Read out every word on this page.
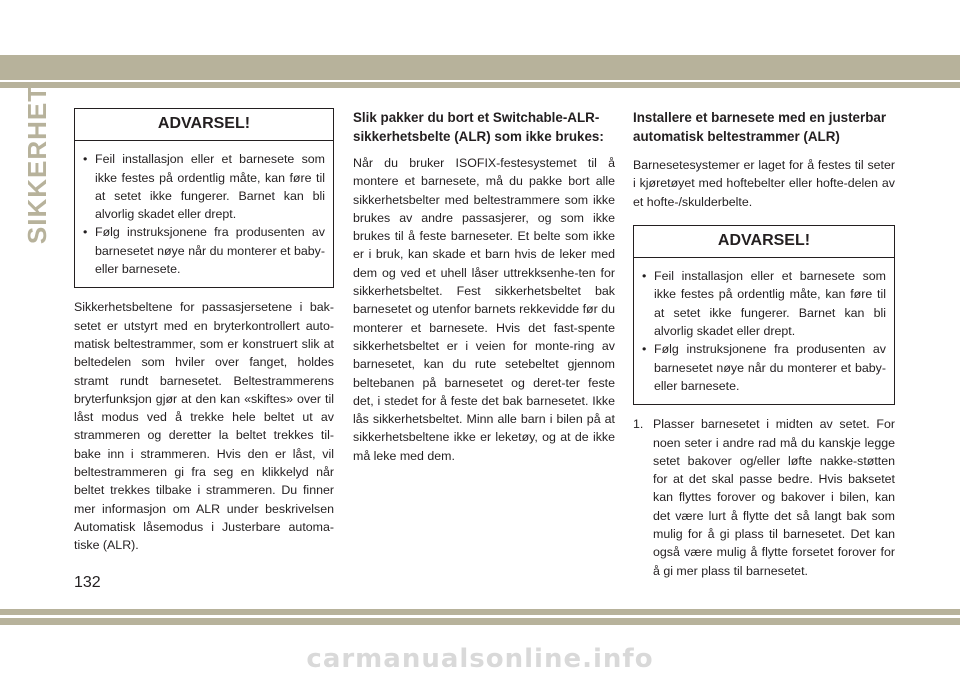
SIKKERHET	ADVARSEL!
• Feil installasjon eller et barnesete som ikke festes på ordentlig måte, kan føre til at setet ikke fungerer. Barnet kan bli alvorlig skadet eller drept.
• Følg instruksjonene fra produsenten av barnesetet nøye når du monterer et baby- eller barnesete.

Sikkerhetsbeltene for passasjersetene i bak-setet er utstyrt med en bryterkontrollert auto-matisk beltestrammer, som er konstruert slik at beltedelen som hviler over fanget, holdes stramt rundt barnesetet. Beltestrammerens bryterfunksjon gjør at den kan «skiftes» over til låst modus ved å trekke hele beltet ut av strammeren og deretter la beltet trekkes til-bake inn i strammeren. Hvis den er låst, vil beltestrammeren gi fra seg en klikkelyd når beltet trekkes tilbake i strammeren. Du finner mer informasjon om ALR under beskrivelsen Automatisk låsemodus i Justerbare automa-tiske (ALR).

Slik pakker du bort et Switchable-ALR-sikkerhetsbelte (ALR) som ikke brukes:

Når du bruker ISOFIX-festesystemet til å montere et barnesete, må du pakke bort alle sikkerhetsbelter med beltestrammere som ikke brukes av andre passasjerer, og som ikke brukes til å feste barneseter. Et belte som ikke er i bruk, kan skade et barn hvis de leker med dem og ved et uhell låser uttrekksenhe-ten for sikkerhetsbeltet. Fest sikkerhetsbeltet bak barnesetet og utenfor barnets rekkevidde før du monterer et barnesete. Hvis det fast-spente sikkerhetsbeltet er i veien for monte-ring av barnesetet, kan du rute setebeltet gjennom beltebanen på barnesetet og deret-ter feste det, i stedet for å feste det bak barnesetet. Ikke lås sikkerhetsbeltet. Minn alle barn i bilen på at sikkerhetsbeltene ikke er leketøy, og at de ikke må leke med dem.

Installere et barnesete med en justerbar automatisk beltestrammer (ALR)

Barnesetesystemer er laget for å festes til seter i kjøretøyet med hoftebelter eller hofte-delen av et hofte-/skulderbelte.

ADVARSEL!
• Feil installasjon eller et barnesete som ikke festes på ordentlig måte, kan føre til at setet ikke fungerer. Barnet kan bli alvorlig skadet eller drept.
• Følg instruksjonene fra produsenten av barnesetet nøye når du monterer et baby- eller barnesete.
1. Plasser barnesetet i midten av setet. For noen seter i andre rad må du kanskje legge setet bakover og/eller løfte nakke-støtten for at det skal passe bedre. Hvis baksetet kan flyttes forover og bakover i bilen, kan det være lurt å flytte det så langt bak som mulig for å gi plass til barnesetet. Det kan også være mulig å flytte forsetet forover for å gi mer plass til barnesetet.
132
carmanualsonline.info
